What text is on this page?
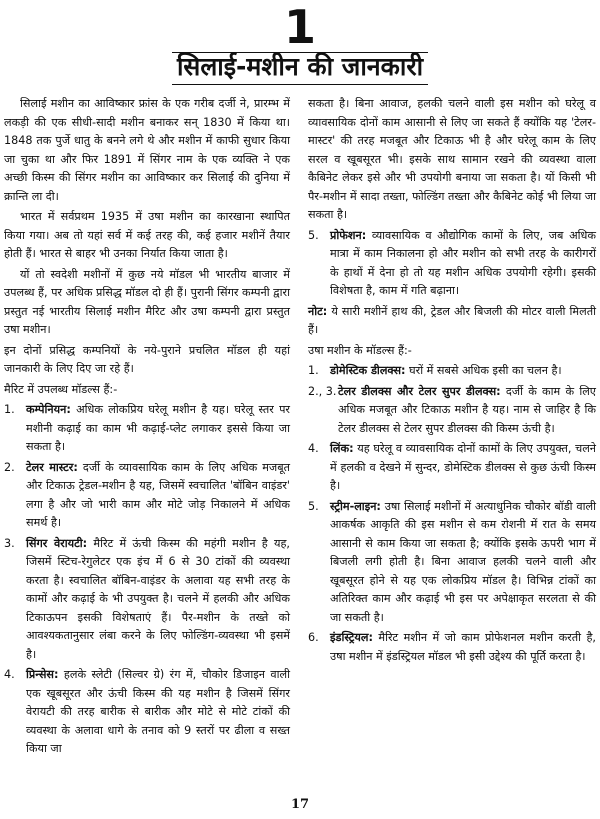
1
सिलाई-मशीन की जानकारी

सिलाई मशीन का आविष्कार फ्रांस के एक गरीब दर्जी ने, प्रारम्भ में लकड़ी की एक सीधी-सादी मशीन बनाकर सन् 1830 में किया था। 1848 तक पुर्जे धातु के बनने लगे थे और मशीन में काफी सुधार किया जा चुका था और फिर 1891 में सिंगर नाम के एक व्यक्ति ने एक अच्छी किस्म की सिंगर मशीन का आविष्कार कर सिलाई की दुनिया में क्रान्ति ला दी।

भारत में सर्वप्रथम 1935 में उषा मशीन का कारखाना स्थापित किया गया। अब तो यहां सर्व में कई तरह की, कई हजार मशीनें तैयार होती हैं। भारत से बाहर भी उनका निर्यात किया जाता है।

यों तो स्वदेशी मशीनों में कुछ नये मॉडल भी भारतीय बाजार में उपलब्ध हैं, पर अधिक प्रसिद्ध मॉडल दो ही हैं। पुरानी सिंगर कम्पनी द्वारा प्रस्तुत नई भारतीय सिलाई मशीन मैरिट और उषा कम्पनी द्वारा प्रस्तुत उषा मशीन।

इन दोनों प्रसिद्ध कम्पनियों के नये-पुराने प्रचलित मॉडल ही यहां जानकारी के लिए दिए जा रहे हैं।

मैरिट में उपलब्ध मॉडल्स हैं:-

1.	कम्पेनियन: अधिक लोकप्रिय घरेलू मशीन है यह। घरेलू स्तर पर मशीनी कढ़ाई का काम भी कढ़ाई-प्लेट लगाकर इससे किया जा सकता है।
2.	टेलर मास्टर: दर्जी के व्यावसायिक काम के लिए अधिक मजबूत और टिकाऊ ट्रेडल-मशीन है यह, जिसमें स्वचालित 'बॉबिन वाइंडर' लगा है और जो भारी काम और मोटे जोड़ निकालने में अधिक समर्थ है।
3.	सिंगर वेरायटी: मैरिट में ऊंची किस्म की महंगी मशीन है यह, जिसमें स्टिच-रेगुलेटर एक इंच में 6 से 30 टांकों की व्यवस्था करता है। स्वचालित बॉबिन-वाइंडर के अलावा यह सभी तरह के कामों और कढ़ाई के भी उपयुक्त है। चलने में हलकी और अधिक टिकाऊपन इसकी विशेषताएं हैं। पैर-मशीन के तख्ते को आवश्यकतानुसार लंबा करने के लिए फोल्डिंग-व्यवस्था भी इसमें है।
4.	प्रिन्सेस: हलके स्लेटी (सिल्वर ग्रे) रंग में, चौकोर डिजाइन वाली एक खूबसूरत और ऊंची किस्म की यह मशीन है जिसमें सिंगर वेरायटी की तरह बारीक से बारीक और मोटे से मोटे टांकों की व्यवस्था के अलावा धागे के तनाव को 9 स्तरों पर ढीला व सख्त किया जा

सकता है। बिना आवाज, हलकी चलने वाली इस मशीन को घरेलू व व्यावसायिक दोनों काम आसानी से लिए जा सकते हैं क्योंकि यह 'टेलर-मास्टर' की तरह मजबूत और टिकाऊ भी है और घरेलू काम के लिए सरल व खूबसूरत भी। इसके साथ सामान रखने की व्यवस्था वाला कैबिनेट लेकर इसे और भी उपयोगी बनाया जा सकता है। यों किसी भी पैर-मशीन में सादा तख्ता, फोल्डिंग तख्ता और कैबिनेट कोई भी लिया जा सकता है।

5.	प्रोफेशन: व्यावसायिक व औद्योगिक कामों के लिए, जब अधिक मात्रा में काम निकालना हो और मशीन को सभी तरह के कारीगरों के हाथों में देना हो तो यह मशीन अधिक उपयोगी रहेगी। इसकी विशेषता है, काम में गति बढ़ाना।

नोट: ये सारी मशीनें हाथ की, ट्रेडल और बिजली की मोटर वाली मिलती हैं।

उषा मशीन के मॉडल्स हैं:-

1.	डोमेस्टिक डीलक्स: घरों में सबसे अधिक इसी का चलन है।
2., 3. टेलर डीलक्स और टेलर सुपर डीलक्स: दर्जी के काम के लिए अधिक मजबूत और टिकाऊ मशीन है यह। नाम से जाहिर है कि टेलर डीलक्स से टेलर सुपर डीलक्स की किस्म ऊंची है।
4.	लिंक: यह घरेलू व व्यावसायिक दोनों कामों के लिए उपयुक्त, चलने में हलकी व देखने में सुन्दर, डोमेस्टिक डीलक्स से कुछ ऊंची किस्म है।
5.	स्ट्रीम-लाइन: उषा सिलाई मशीनों में अत्याधुनिक चौकोर बॉडी वाली आकर्षक आकृति की इस मशीन से कम रोशनी में रात के समय आसानी से काम किया जा सकता है; क्योंकि इसके ऊपरी भाग में बिजली लगी होती है। बिना आवाज हलकी चलने वाली और खूबसूरत होने से यह एक लोकप्रिय मॉडल है। विभिन्न टांकों का अतिरिक्त काम और कढ़ाई भी इस पर अपेक्षाकृत सरलता से की जा सकती है।
6.	इंडस्ट्रियल: मैरिट मशीन में जो काम प्रोफेशनल मशीन करती है, उषा मशीन में इंडस्ट्रियल मॉडल भी इसी उद्देश्य की पूर्ति करता है।
17
